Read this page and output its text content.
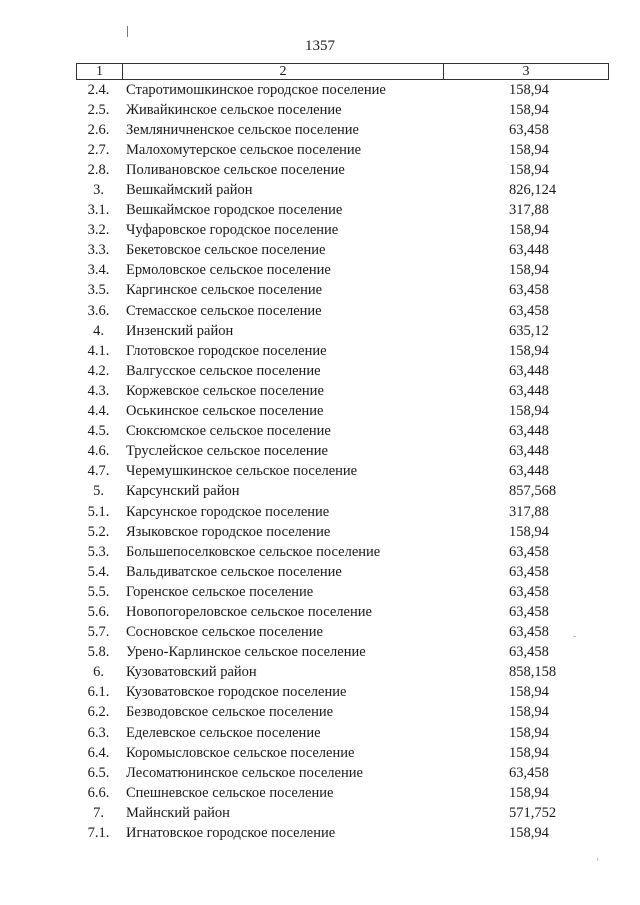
1357
1	2	3
2.4.	Старотимошкинское городское поселение	158,94
2.5.	Живайкинское сельское поселение	158,94
2.6.	Земляничненское сельское поселение	63,458
2.7.	Малохомутерское сельское поселение	158,94
2.8.	Поливановское сельское поселение	158,94
3.	Вешкаймский район	826,124
3.1.	Вешкаймское городское поселение	317,88
3.2.	Чуфаровское городское поселение	158,94
3.3.	Бекетовское сельское поселение	63,448
3.4.	Ермоловское сельское поселение	158,94
3.5.	Каргинское сельское поселение	63,458
3.6.	Стемасское сельское поселение	63,458
4.	Инзенский район	635,12
4.1.	Глотовское городское поселение	158,94
4.2.	Валгусское сельское поселение	63,448
4.3.	Коржевское сельское поселение	63,448
4.4.	Оськинское сельское поселение	158,94
4.5.	Сюксюмское сельское поселение	63,448
4.6.	Труслейское сельское поселение	63,448
4.7.	Черемушкинское сельское поселение	63,448
5.	Карсунский район	857,568
5.1.	Карсунское городское поселение	317,88
5.2.	Языковское городское поселение	158,94
5.3.	Большепоселковское сельское поселение	63,458
5.4.	Вальдиватское сельское поселение	63,458
5.5.	Горенское сельское поселение	63,458
5.6.	Новопогореловское сельское поселение	63,458
5.7.	Сосновское сельское поселение	63,458
5.8.	Урено-Карлинское сельское поселение	63,458
6.	Кузоватовский район	858,158
6.1.	Кузоватовское городское поселение	158,94
6.2.	Безводовское сельское поселение	158,94
6.3.	Еделевское сельское поселение	158,94
6.4.	Коромысловское сельское поселение	158,94
6.5.	Лесоматюнинское сельское поселение	63,458
6.6.	Спешневское сельское поселение	158,94
7.	Майнский район	571,752
7.1.	Игнатовское городское поселение	158,94
